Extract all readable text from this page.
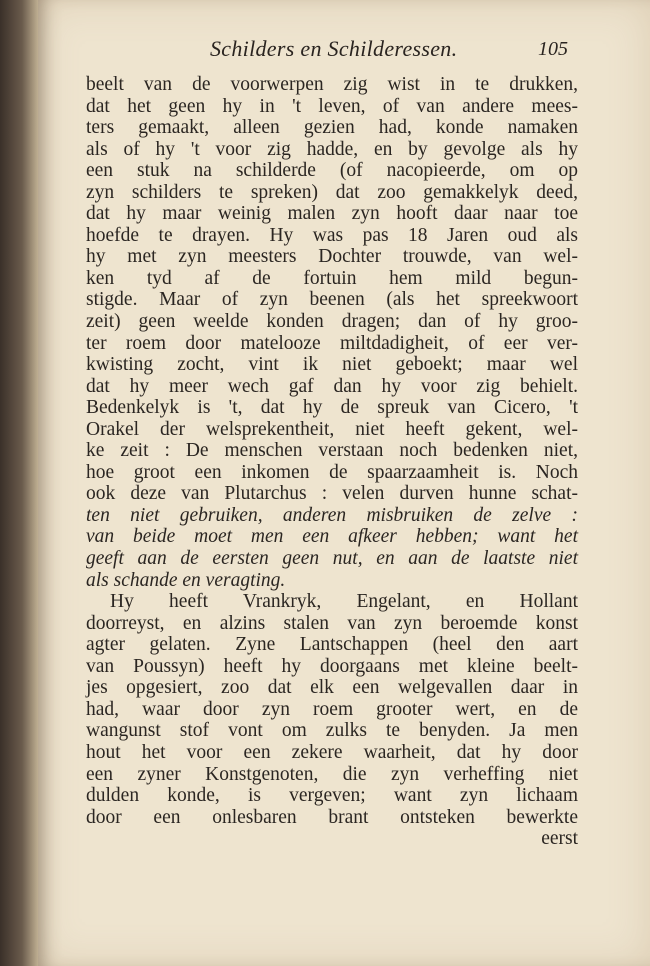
Schilders en Schilderessen.	105
beelt van de voorwerpen zig wist in te drukken,
dat het geen hy in 't leven, of van andere mees-
ters gemaakt, alleen gezien had, konde namaken
als of hy 't voor zig hadde, en by gevolge als hy
een stuk na schilderde (of nacopieerde, om op
zyn schilders te spreken) dat zoo gemakkelyk deed,
dat hy maar weinig malen zyn hooft daar naar toe
hoefde te drayen. Hy was pas 18 Jaren oud als
hy met zyn meesters Dochter trouwde, van wel-
ken tyd af de fortuin hem mild begun-
stigde. Maar of zyn beenen (als het spreekwoort
zeit) geen weelde konden dragen; dan of hy groo-
ter roem door matelooze miltdadigheit, of eer ver-
kwisting zocht, vint ik niet geboekt; maar wel
dat hy meer wech gaf dan hy voor zig behielt.
Bedenkelyk is 't, dat hy de spreuk van Cicero, 't
Orakel der welsprekentheit, niet heeft gekent, wel-
ke zeit : De menschen verstaan noch bedenken niet,
hoe groot een inkomen de spaarzaamheit is. Noch
ook deze van Plutarchus : velen durven hunne schat-
ten niet gebruiken, anderen misbruiken de zelve :
van beide moet men een afkeer hebben; want het
geeft aan de eersten geen nut, en aan de laatste niet
als schande en veragting.
Hy heeft Vrankryk, Engelant, en Hollant
doorreyst, en alzins stalen van zyn beroemde konst
agter gelaten. Zyne Lantschappen (heel den aart
van Poussyn) heeft hy doorgaans met kleine beelt-
jes opgesiert, zoo dat elk een welgevallen daar in
had, waar door zyn roem grooter wert, en de
wangunst stof vont om zulks te benyden. Ja men
hout het voor een zekere waarheit, dat hy door
een zyner Konstgenoten, die zyn verheffing niet
dulden konde, is vergeven; want zyn lichaam
door een onlesbaren brant ontsteken bewerkte
eerst
